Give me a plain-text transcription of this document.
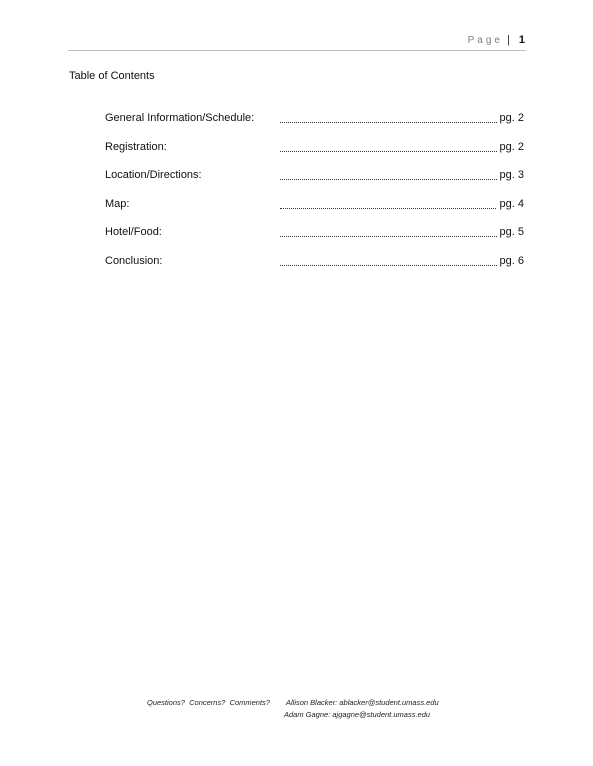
Page | 1
Table of Contents
General Information/Schedule:	pg. 2
Registration:	pg. 2
Location/Directions:	pg. 3
Map:	pg. 4
Hotel/Food:	pg. 5
Conclusion:	pg. 6
Questions?  Concerns?  Comments? Allison Blacker: ablacker@student.umass.edu
Adam Gagne: ajgagne@student.umass.edu
